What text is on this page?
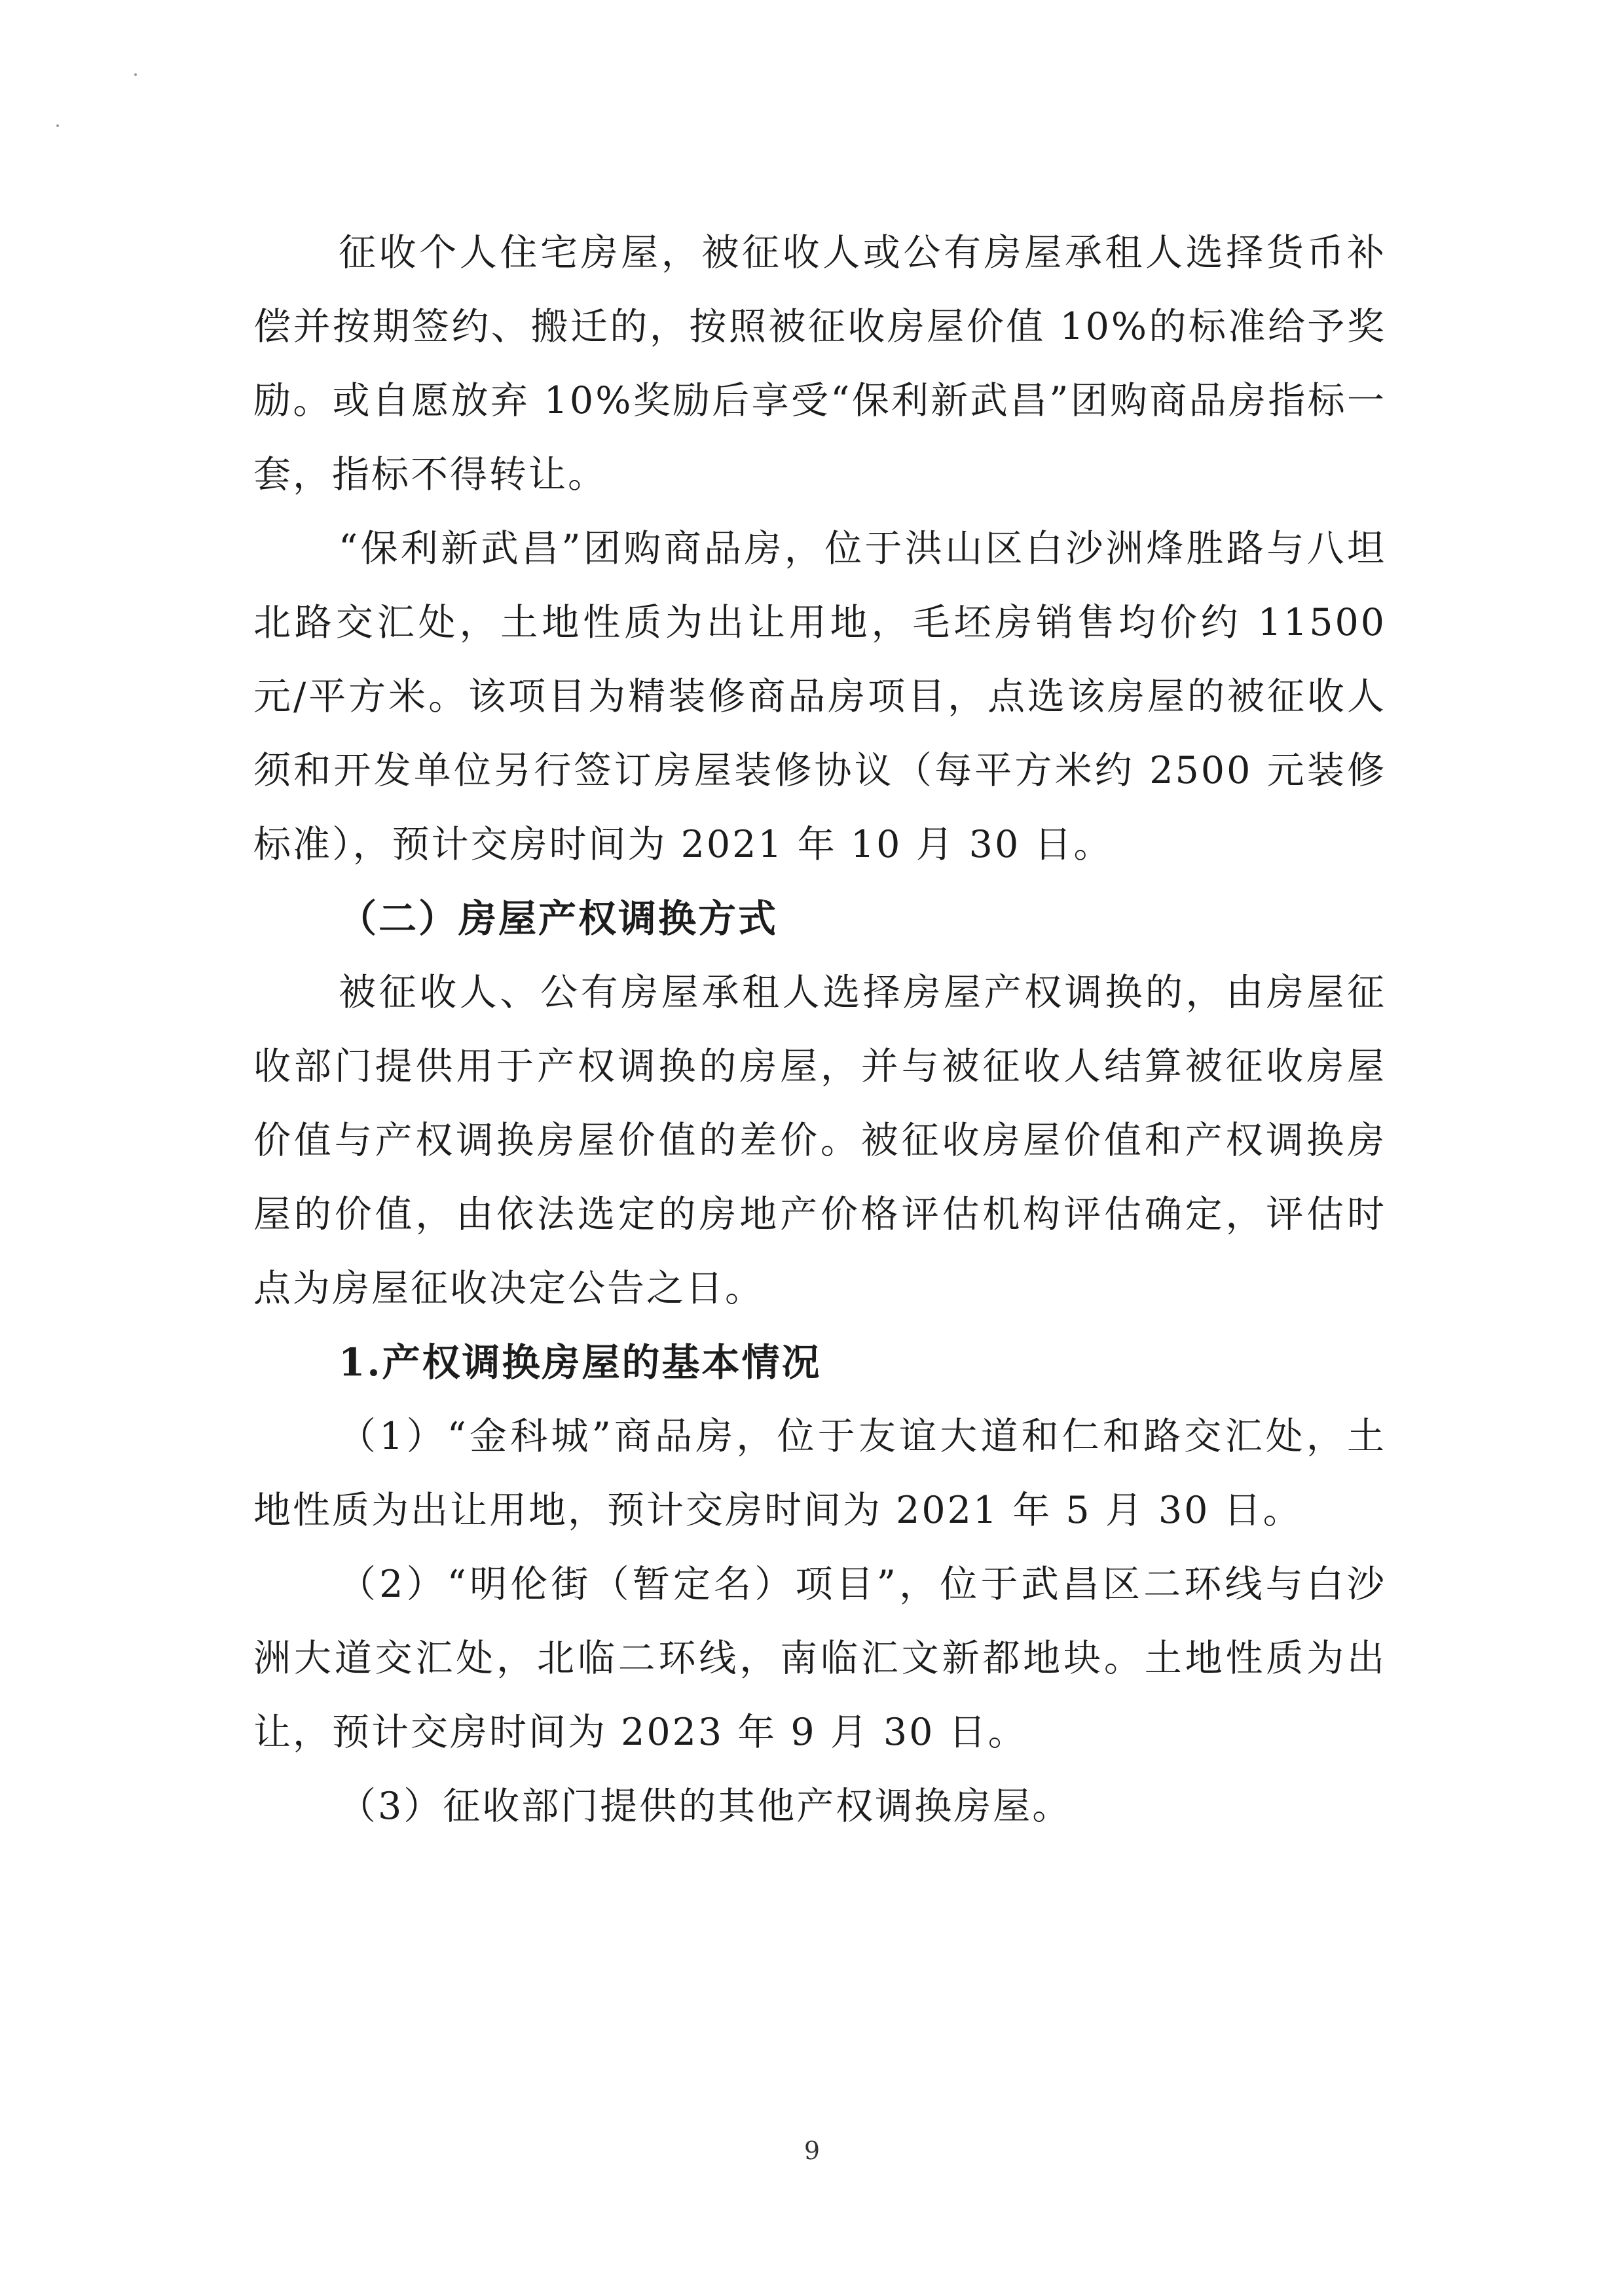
征收个人住宅房屋，被征收人或公有房屋承租人选择货币补偿并按期签约、搬迁的，按照被征收房屋价值 10%的标准给予奖励。或自愿放弃 10%奖励后享受“保利新武昌”团购商品房指标一套，指标不得转让。

“保利新武昌”团购商品房，位于洪山区白沙洲烽胜路与八坦北路交汇处，土地性质为出让用地，毛坯房销售均价约 11500 元/平方米。该项目为精装修商品房项目，点选该房屋的被征收人须和开发单位另行签订房屋装修协议（每平方米约 2500 元装修标准），预计交房时间为 2021 年 10 月 30 日。

（二）房屋产权调换方式

被征收人、公有房屋承租人选择房屋产权调换的，由房屋征收部门提供用于产权调换的房屋，并与被征收人结算被征收房屋价值与产权调换房屋价值的差价。被征收房屋价值和产权调换房屋的价值，由依法选定的房地产价格评估机构评估确定，评估时点为房屋征收决定公告之日。

1.产权调换房屋的基本情况

（1）“金科城”商品房，位于友谊大道和仁和路交汇处，土地性质为出让用地，预计交房时间为 2021 年 5 月 30 日。

（2）“明伦街（暂定名）项目”，位于武昌区二环线与白沙洲大道交汇处，北临二环线，南临汇文新都地块。土地性质为出让，预计交房时间为 2023 年 9 月 30 日。

（3）征收部门提供的其他产权调换房屋。

9
